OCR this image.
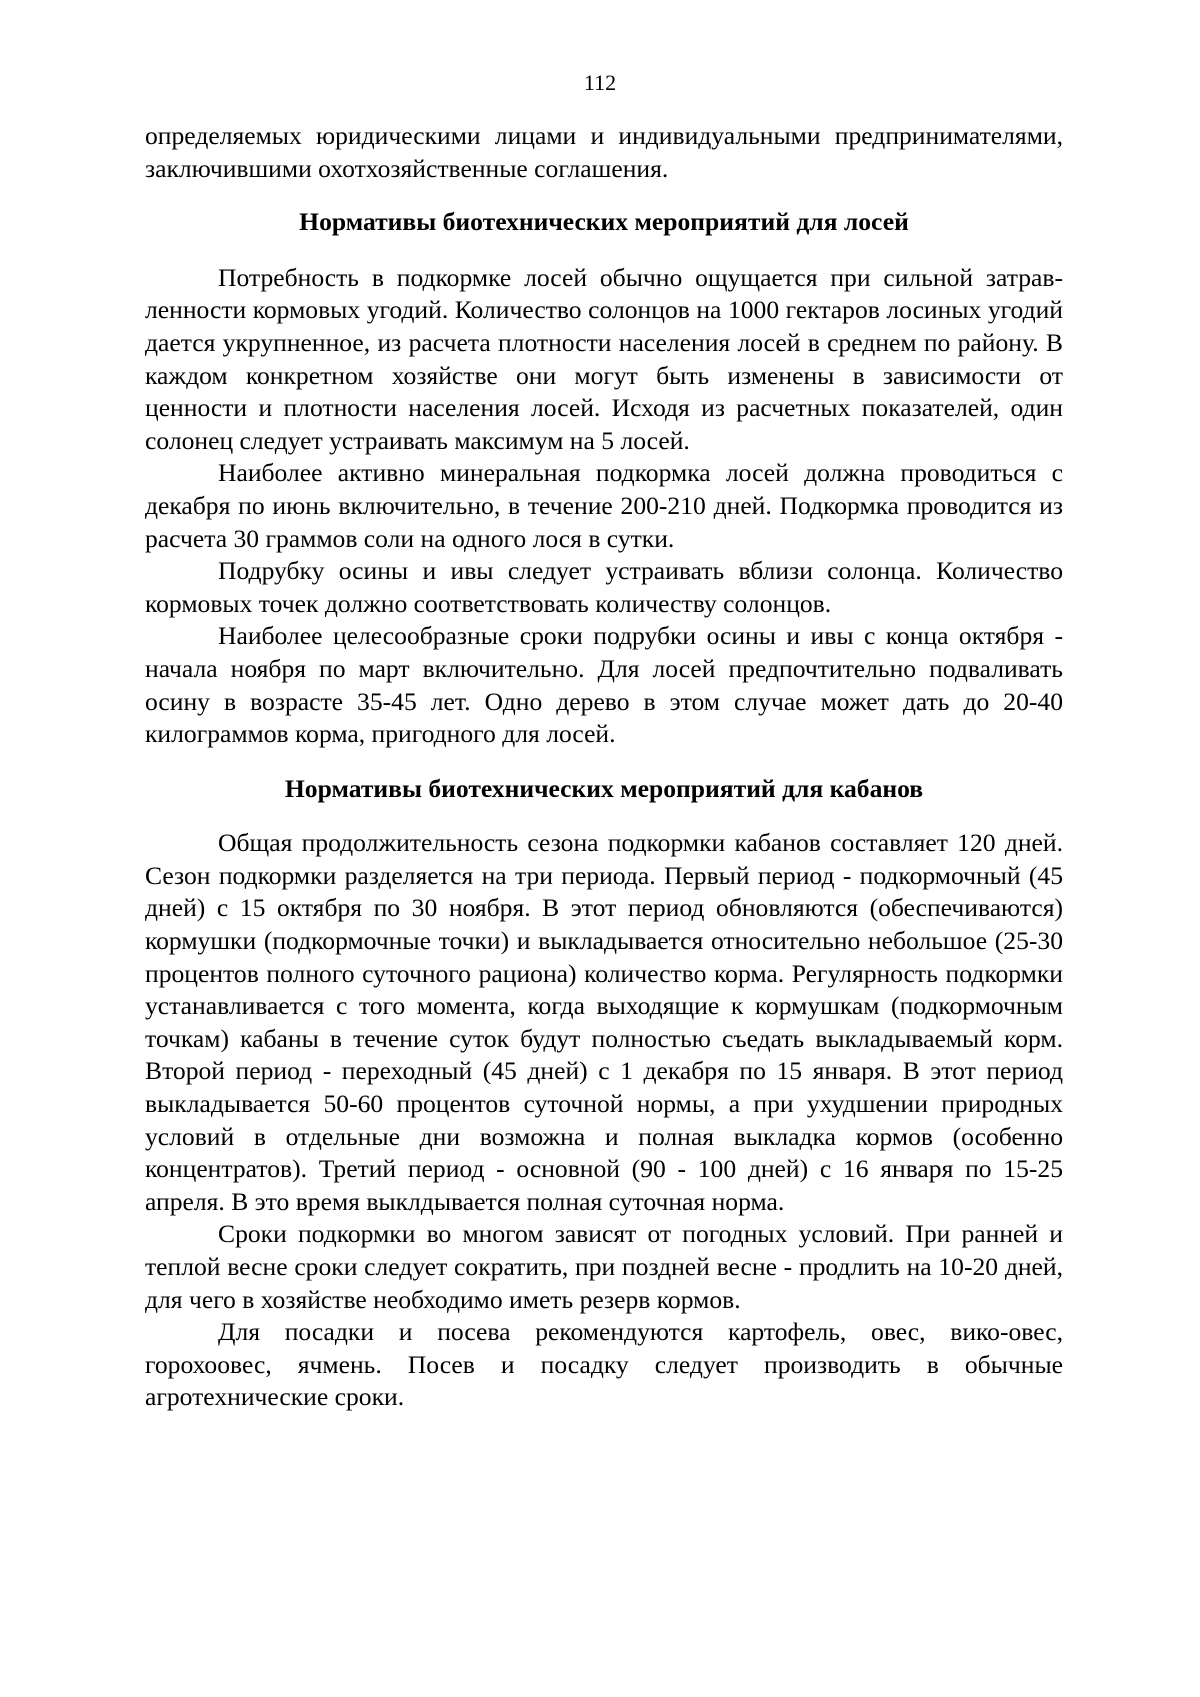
112

определяемых юридическими лицами и индивидуальными предпринимателями, заключившими охотхозяйственные соглашения.

Нормативы биотехнических мероприятий для лосей

Потребность в подкормке лосей обычно ощущается при сильной затрав-ленности кормовых угодий. Количество солонцов на 1000 гектаров лосиных угодий дается укрупненное, из расчета плотности населения лосей в среднем по району. В каждом конкретном хозяйстве они могут быть изменены в зависимости от ценности и плотности населения лосей. Исходя из расчетных показателей, один солонец следует устраивать максимум на 5 лосей.

Наиболее активно минеральная подкормка лосей должна проводиться с декабря по июнь включительно, в течение 200-210 дней. Подкормка проводится из расчета 30 граммов соли на одного лося в сутки.

Подрубку осины и ивы следует устраивать вблизи солонца. Количество кормовых точек должно соответствовать количеству солонцов.

Наиболее целесообразные сроки подрубки осины и ивы с конца октября - начала ноября по март включительно. Для лосей предпочтительно подваливать осину в возрасте 35-45 лет. Одно дерево в этом случае может дать до 20-40 килограммов корма, пригодного для лосей.

Нормативы биотехнических мероприятий для кабанов

Общая продолжительность сезона подкормки кабанов составляет 120 дней. Сезон подкормки разделяется на три периода. Первый период - подкормочный (45 дней) с 15 октября по 30 ноября. В этот период обновляются (обеспечиваются) кормушки (подкормочные точки) и выкладывается относительно небольшое (25-30 процентов полного суточного рациона) количество корма. Регулярность подкормки устанавливается с того момента, когда выходящие к кормушкам (подкормочным точкам) кабаны в течение суток будут полностью съедать выкладываемый корм. Второй период - переходный (45 дней) с 1 декабря по 15 января. В этот период выкладывается 50-60 процентов суточной нормы, а при ухудшении природных условий в отдельные дни возможна и полная выкладка кормов (особенно концентратов). Третий период - основной (90 - 100 дней) с 16 января по 15-25 апреля. В это время выклдывается полная суточная норма.

Сроки подкормки во многом зависят от погодных условий. При ранней и теплой весне сроки следует сократить, при поздней весне - продлить на 10-20 дней, для чего в хозяйстве необходимо иметь резерв кормов.

Для посадки и посева рекомендуются картофель, овес, вико-овес, горохоовес, ячмень. Посев и посадку следует производить в обычные агротехнические сроки.
